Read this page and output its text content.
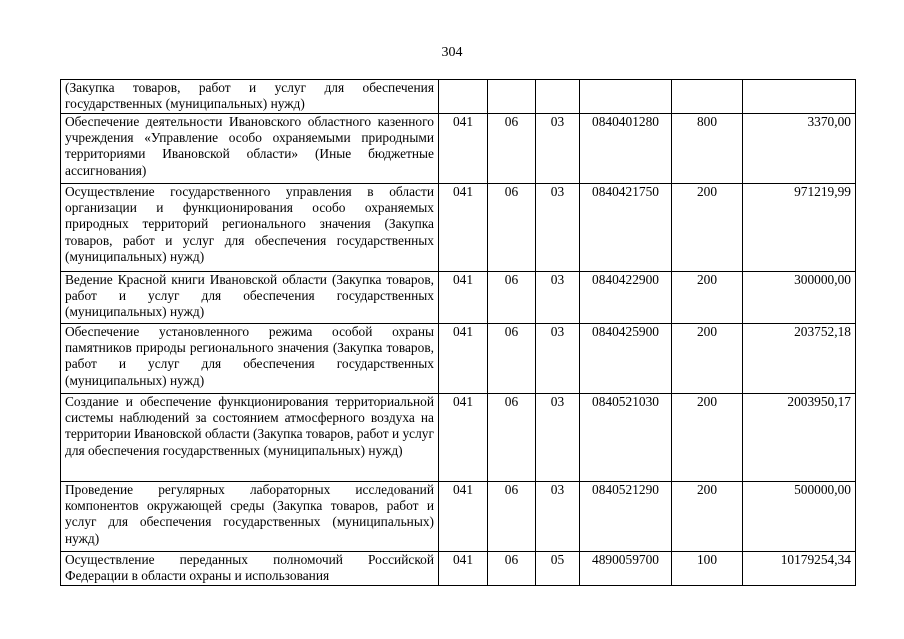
304
(Закупка товаров, работ и услуг для обеспечения государственных (муниципальных) нужд)						
Обеспечение деятельности Ивановского областного казенного учреждения «Управление особо охраняемыми природными территориями Ивановской области» (Иные бюджетные ассигнования)	041	06	03	0840401280	800	3370,00
Осуществление государственного управления в области организации и функционирования особо охраняемых природных территорий регионального значения (Закупка товаров, работ и услуг для обеспечения государственных (муниципальных) нужд)	041	06	03	0840421750	200	971219,99
Ведение Красной книги Ивановской области (Закупка товаров, работ и услуг для обеспечения государственных (муниципальных) нужд)	041	06	03	0840422900	200	300000,00
Обеспечение установленного режима особой охраны памятников природы регионального значения (Закупка товаров, работ и услуг для обеспечения государственных (муниципальных) нужд)	041	06	03	0840425900	200	203752,18
Создание и обеспечение функционирования территориальной системы наблюдений за состоянием атмосферного воздуха на территории Ивановской области (Закупка товаров, работ и услуг для обеспечения государственных (муниципальных) нужд)	041	06	03	0840521030	200	2003950,17
Проведение регулярных лабораторных исследований компонентов окружающей среды (Закупка товаров, работ и услуг для обеспечения государственных (муниципальных) нужд)	041	06	03	0840521290	200	500000,00
Осуществление переданных полномочий Российской Федерации в области охраны и использования	041	06	05	4890059700	100	10179254,34
